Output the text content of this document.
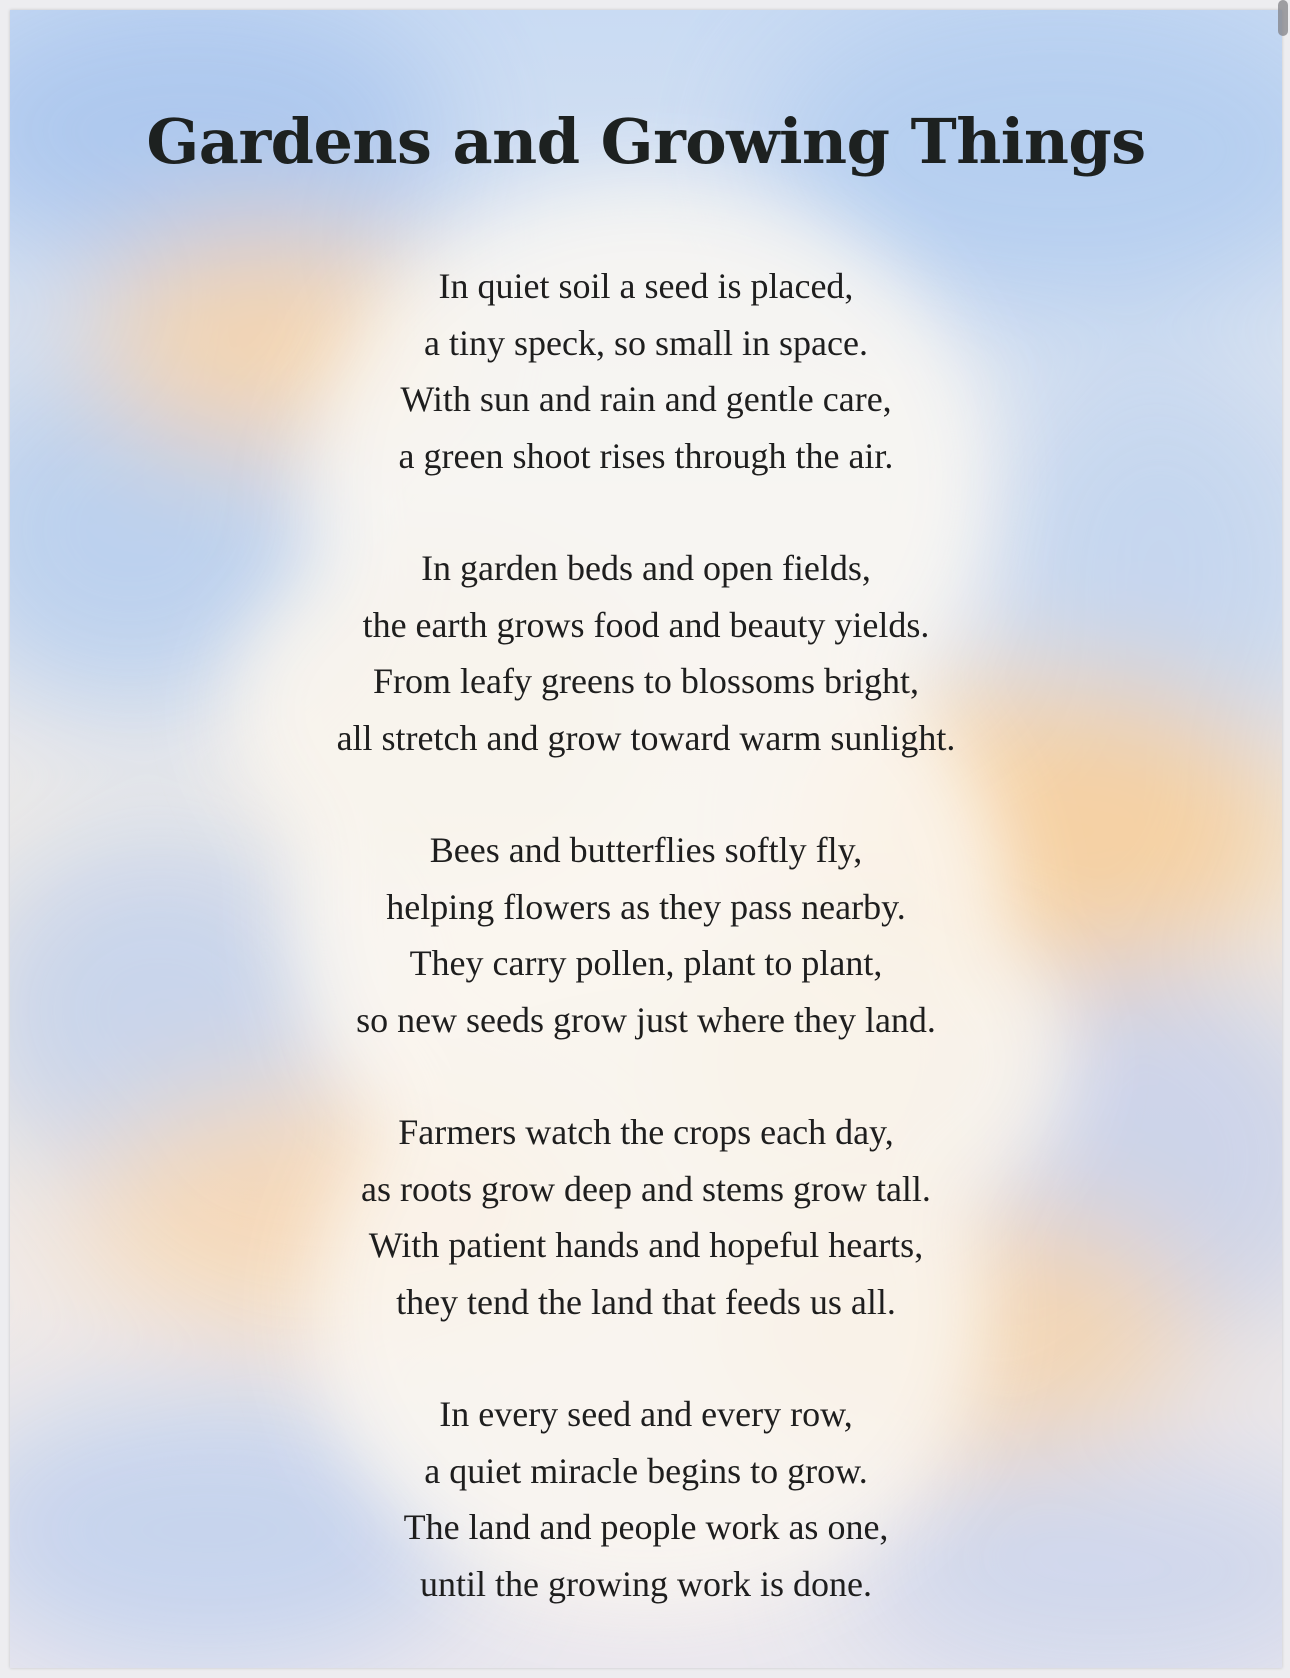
Gardens and Growing Things

In quiet soil a seed is placed,
a tiny speck, so small in space.
With sun and rain and gentle care,
a green shoot rises through the air.

In garden beds and open fields,
the earth grows food and beauty yields.
From leafy greens to blossoms bright,
all stretch and grow toward warm sunlight.

Bees and butterflies softly fly,
helping flowers as they pass nearby.
They carry pollen, plant to plant,
so new seeds grow just where they land.

Farmers watch the crops each day,
as roots grow deep and stems grow tall.
With patient hands and hopeful hearts,
they tend the land that feeds us all.

In every seed and every row,
a quiet miracle begins to grow.
The land and people work as one,
until the growing work is done.
